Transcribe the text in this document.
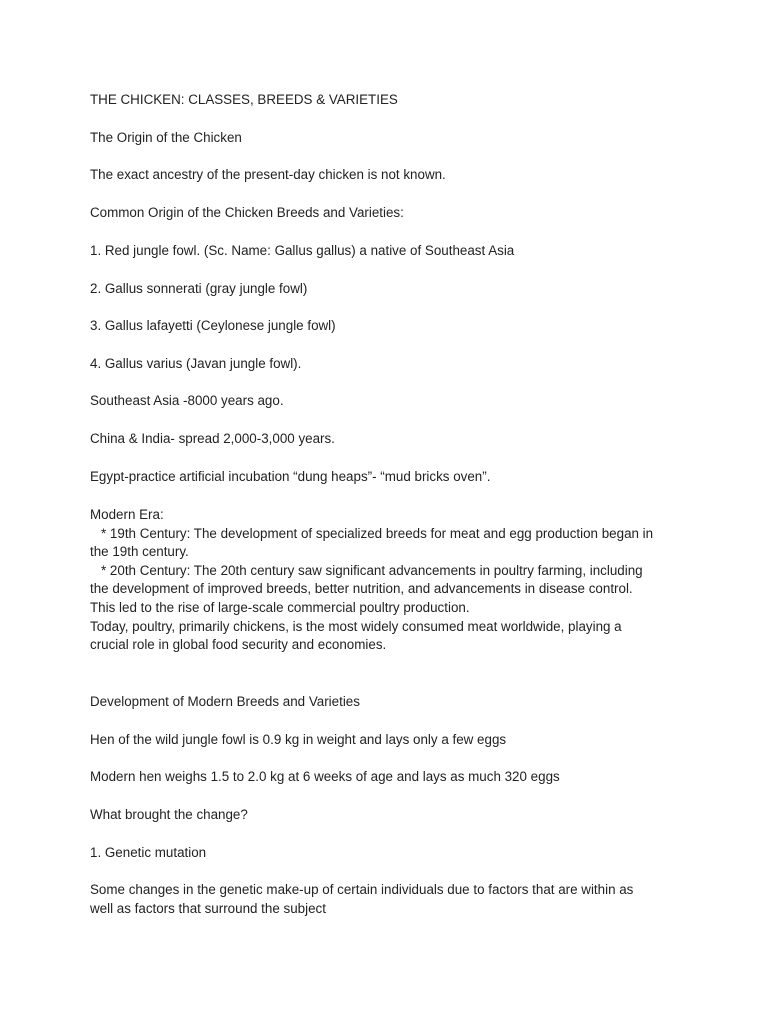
THE CHICKEN: CLASSES, BREEDS & VARIETIES
The Origin of the Chicken
The exact ancestry of the present-day chicken is not known.
Common Origin of the Chicken Breeds and Varieties:
1. Red jungle fowl. (Sc. Name: Gallus gallus) a native of Southeast Asia
2. Gallus sonnerati (gray jungle fowl)
3. Gallus lafayetti (Ceylonese jungle fowl)
4. Gallus varius (Javan jungle fowl).
Southeast Asia -8000 years ago.
China & India- spread 2,000-3,000 years.
Egypt-practice artificial incubation “dung heaps”- “mud bricks oven”.
Modern Era:
* 19th Century: The development of specialized breeds for meat and egg production began in
the 19th century.
* 20th Century: The 20th century saw significant advancements in poultry farming, including
the development of improved breeds, better nutrition, and advancements in disease control.
This led to the rise of large-scale commercial poultry production.
Today, poultry, primarily chickens, is the most widely consumed meat worldwide, playing a
crucial role in global food security and economies.
Development of Modern Breeds and Varieties
Hen of the wild jungle fowl is 0.9 kg in weight and lays only a few eggs
Modern hen weighs 1.5 to 2.0 kg at 6 weeks of age and lays as much 320 eggs
What brought the change?
1. Genetic mutation
Some changes in the genetic make-up of certain individuals due to factors that are within as
well as factors that surround the subject
